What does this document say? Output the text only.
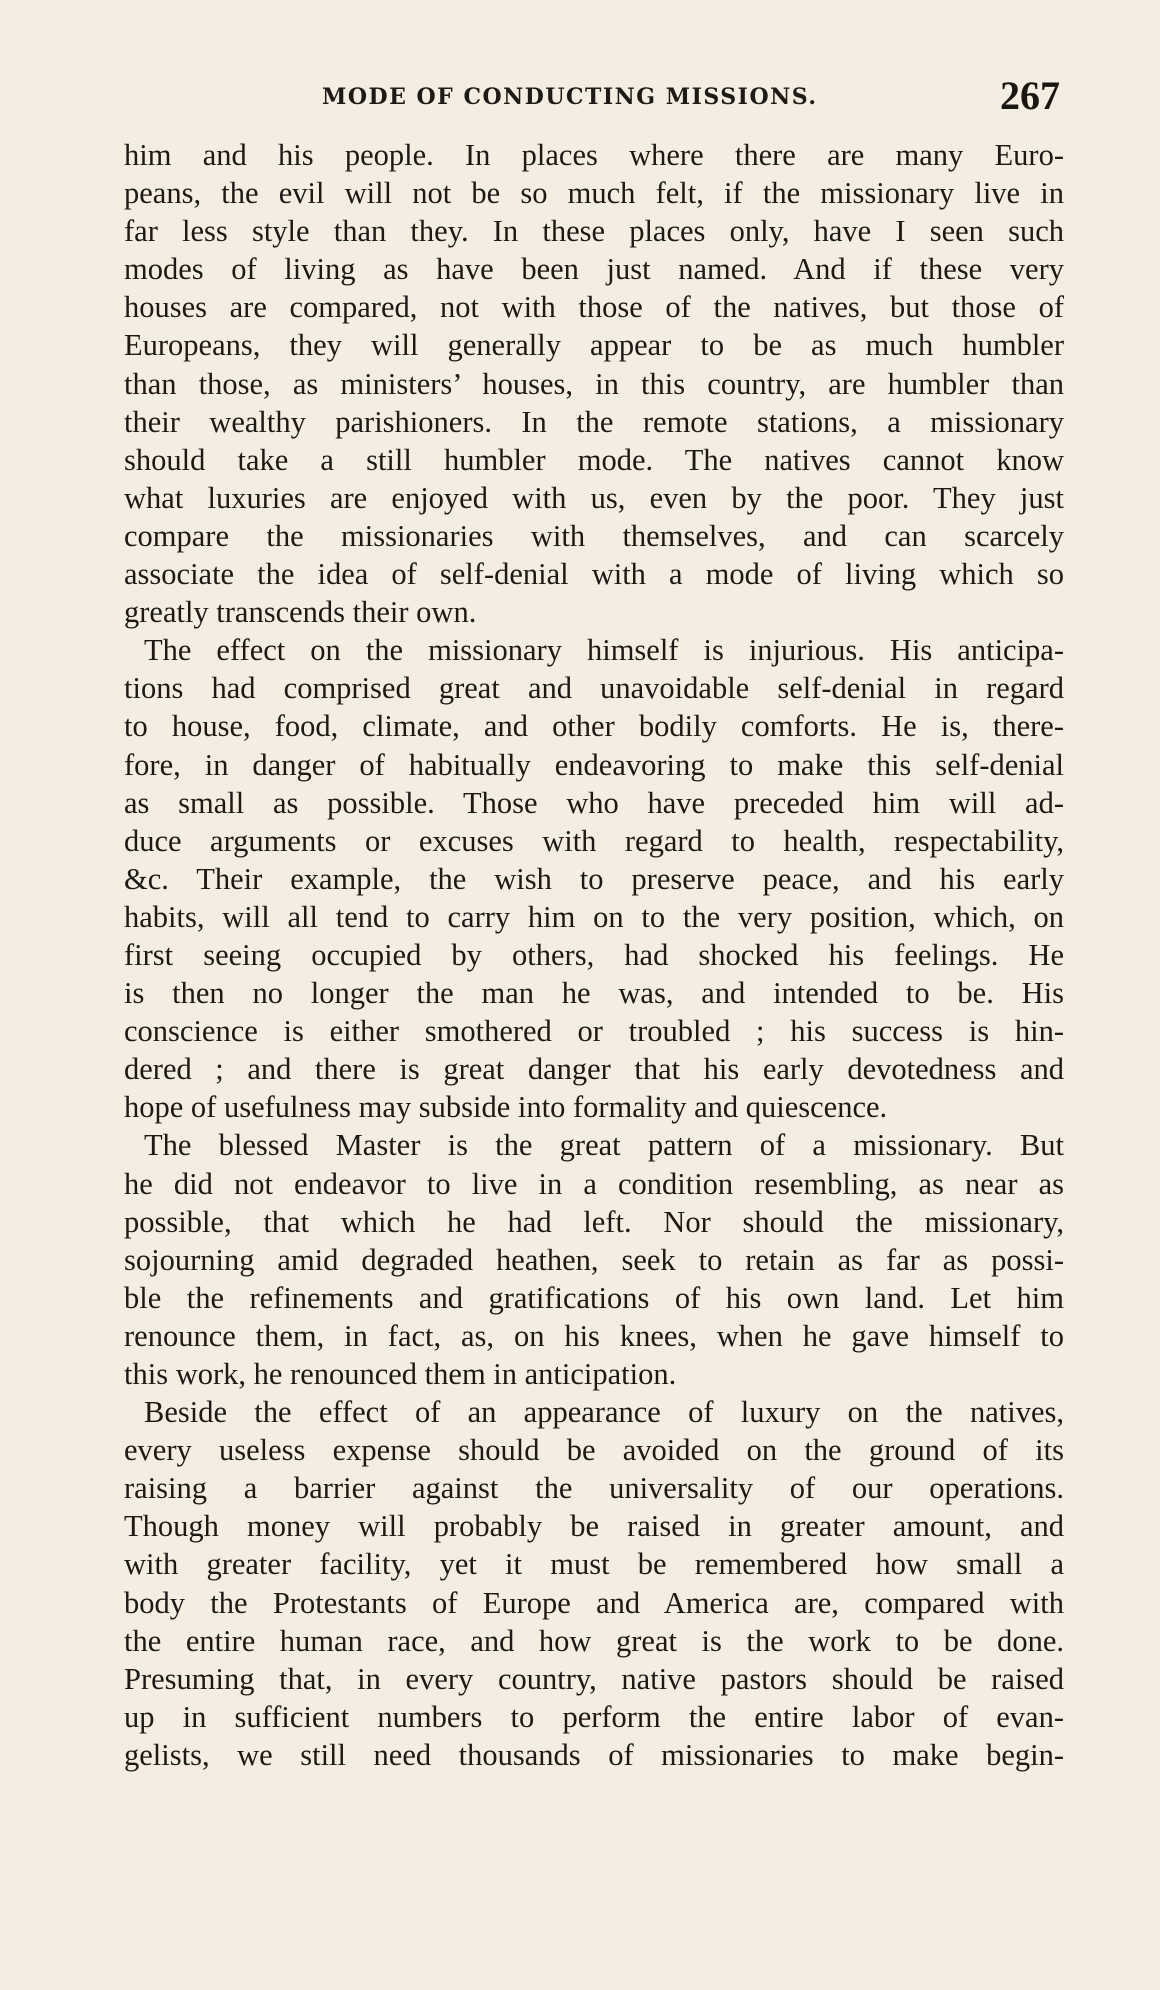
MODE OF CONDUCTING MISSIONS.	267
him and his people. In places where there are many Euro-
peans, the evil will not be so much felt, if the missionary live in
far less style than they. In these places only, have I seen such
modes of living as have been just named. And if these very
houses are compared, not with those of the natives, but those of
Europeans, they will generally appear to be as much humbler
than those, as ministers’ houses, in this country, are humbler than
their wealthy parishioners. In the remote stations, a missionary
should take a still humbler mode. The natives cannot know
what luxuries are enjoyed with us, even by the poor. They just
compare the missionaries with themselves, and can scarcely
associate the idea of self-denial with a mode of living which so
greatly transcends their own.
The effect on the missionary himself is injurious. His anticipa-
tions had comprised great and unavoidable self-denial in regard
to house, food, climate, and other bodily comforts. He is, there-
fore, in danger of habitually endeavoring to make this self-denial
as small as possible. Those who have preceded him will ad-
duce arguments or excuses with regard to health, respectability,
&c. Their example, the wish to preserve peace, and his early
habits, will all tend to carry him on to the very position, which, on
first seeing occupied by others, had shocked his feelings. He
is then no longer the man he was, and intended to be. His
conscience is either smothered or troubled ; his success is hin-
dered ; and there is great danger that his early devotedness and
hope of usefulness may subside into formality and quiescence.
The blessed Master is the great pattern of a missionary. But
he did not endeavor to live in a condition resembling, as near as
possible, that which he had left. Nor should the missionary,
sojourning amid degraded heathen, seek to retain as far as possi-
ble the refinements and gratifications of his own land. Let him
renounce them, in fact, as, on his knees, when he gave himself to
this work, he renounced them in anticipation.
Beside the effect of an appearance of luxury on the natives,
every useless expense should be avoided on the ground of its
raising a barrier against the universality of our operations.
Though money will probably be raised in greater amount, and
with greater facility, yet it must be remembered how small a
body the Protestants of Europe and America are, compared with
the entire human race, and how great is the work to be done.
Presuming that, in every country, native pastors should be raised
up in sufficient numbers to perform the entire labor of evan-
gelists, we still need thousands of missionaries to make begin-
